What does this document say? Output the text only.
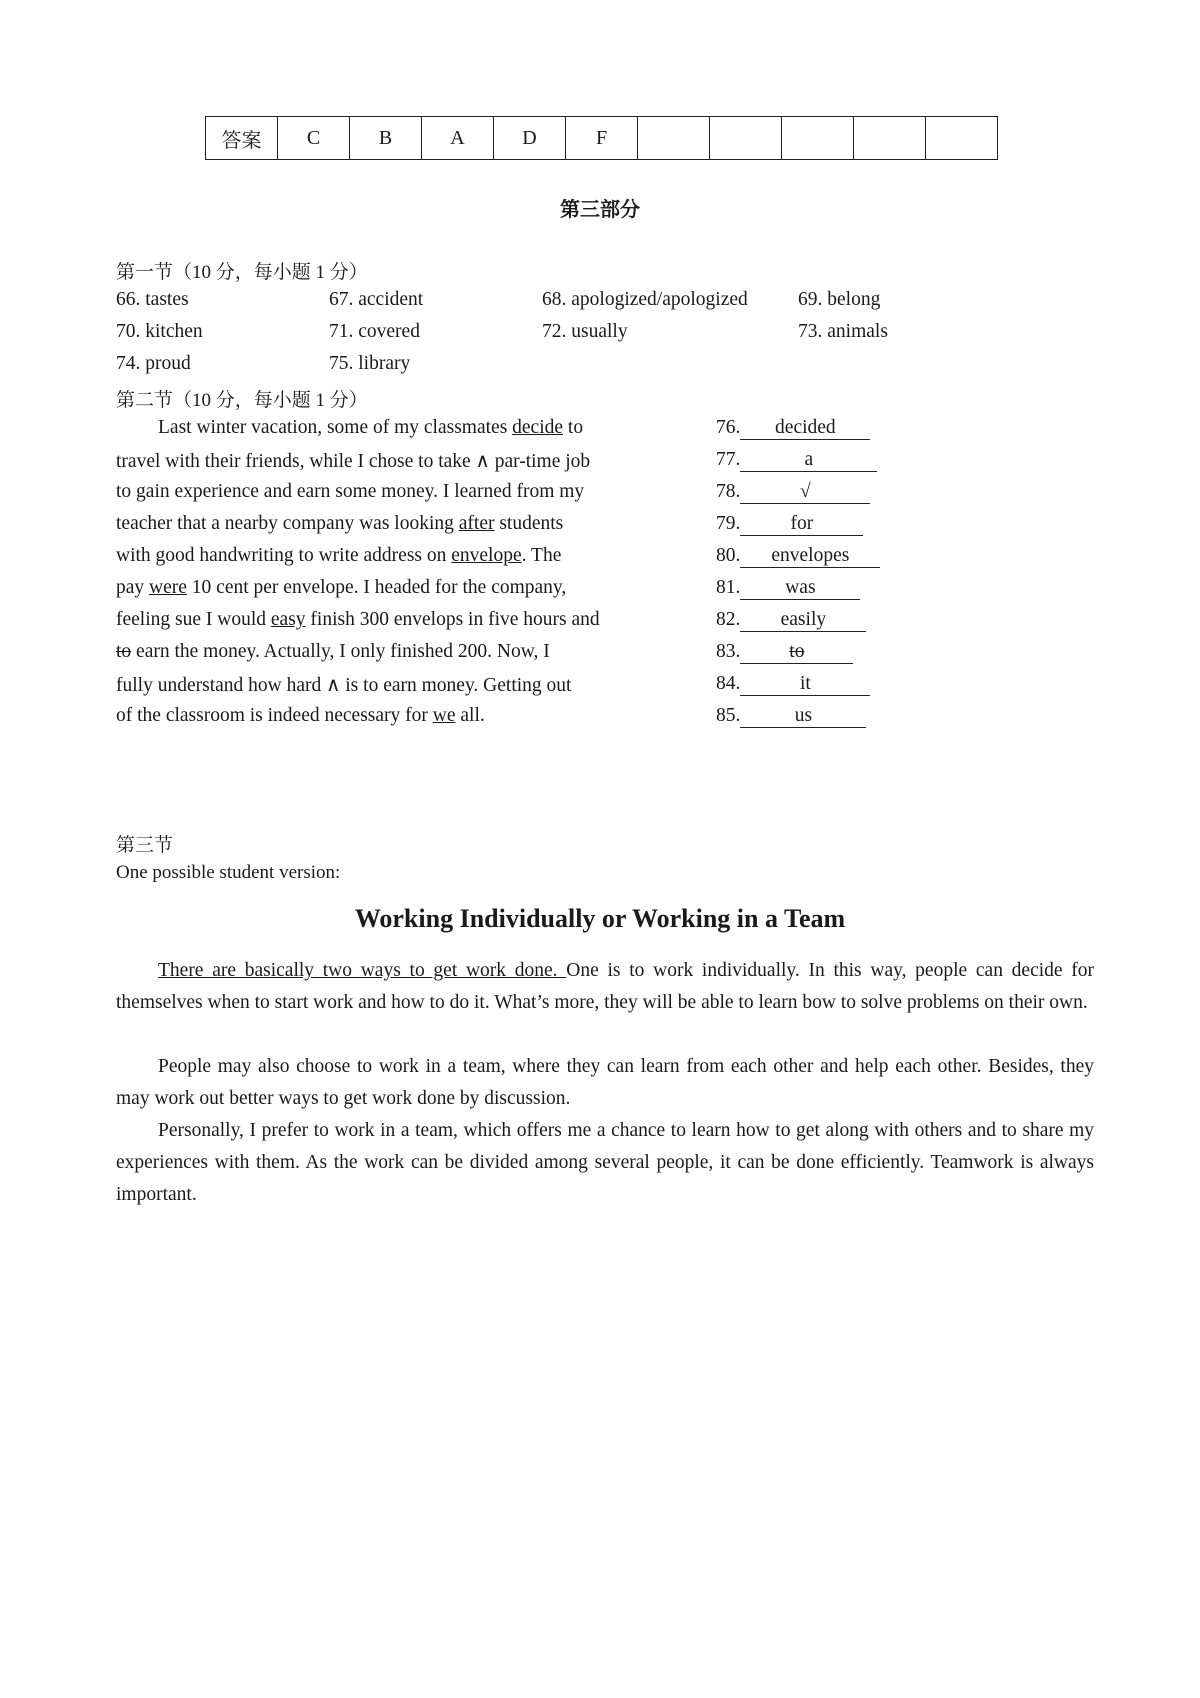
答案	C	B	A	D	F					
第三部分
第一节（10 分，每小题 1 分）
66. tastes	67. accident	68. apologized/apologized	69. belong
70. kitchen	71. covered	72. usually	73. animals
74. proud	75. library
第二节（10 分，每小题 1 分）
Last winter vacation, some of my classmates decide to
travel with their friends, while I chose to take ∧ par-time job
to gain experience and earn some money. I learned from my
teacher that a nearby company was looking after students
with good handwriting to write address on envelope. The
pay were 10 cent per envelope. I headed for the company,
feeling sue I would easy finish 300 envelops in five hours and
to earn the money. Actually, I only finished 200. Now, I
fully understand how hard ∧ is to earn money. Getting out
of the classroom is indeed necessary for we all.
76. decided
77.	a
78.	√
79.	for
80. envelopes
81. was
82. easily
83.	to
84.	it
85.	us
第三节
One possible student version:
Working Individually or Working in a Team
There are basically two ways to get work done. One is to work individually. In this way, people can decide for themselves when to start work and how to do it. What’s more, they will be able to learn bow to solve problems on their own.
People may also choose to work in a team, where they can learn from each other and help each other. Besides, they may work out better ways to get work done by discussion.
Personally, I prefer to work in a team, which offers me a chance to learn how to get along with others and to share my experiences with them. As the work can be divided among several people, it can be done efficiently. Teamwork is always important.
